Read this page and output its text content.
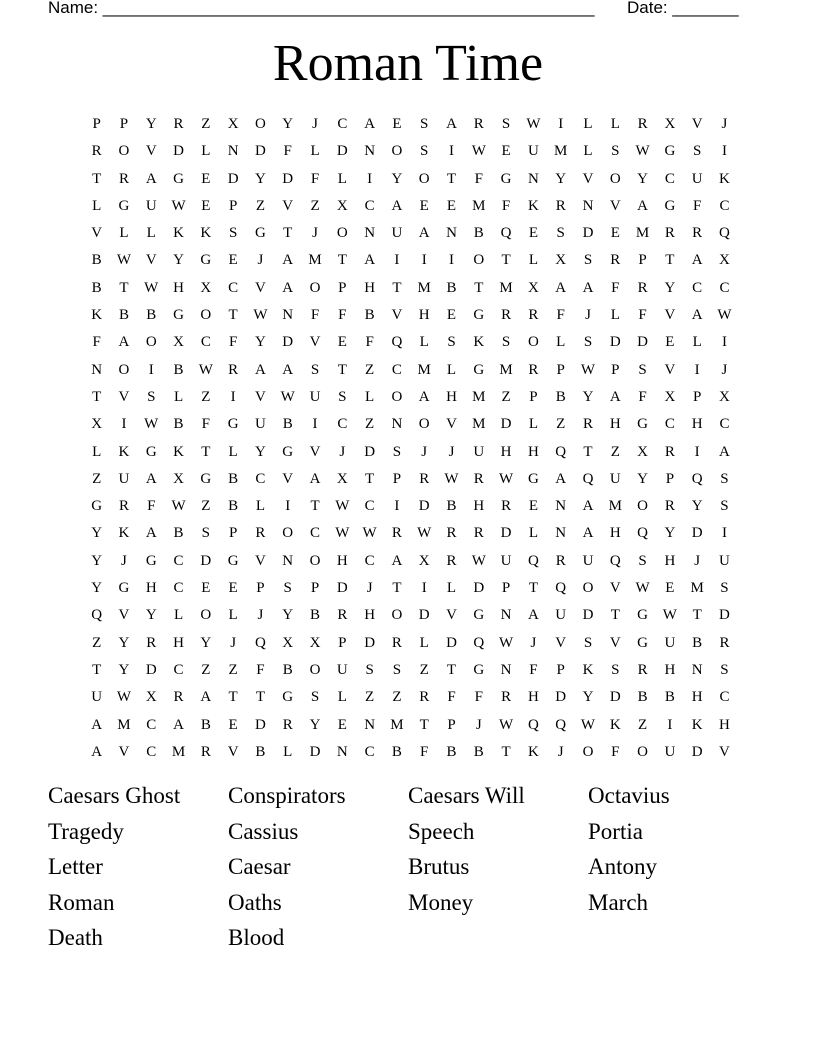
Name: ____________________________________________________ Date: _______
Roman Time
P	P	Y	R	Z	X	O	Y	J	C	A	E	S	A	R	S	W	I	L	L	R	X	V	J
R	O	V	D	L	N	D	F	L	D	N	O	S	I	W	E	U	M	L	S	W	G	S	I
T	R	A	G	E	D	Y	D	F	L	I	Y	O	T	F	G	N	Y	V	O	Y	C	U	K
L	G	U	W	E	P	Z	V	Z	X	C	A	E	E	M	F	K	R	N	V	A	G	F	C
V	L	L	K	K	S	G	T	J	O	N	U	A	N	B	Q	E	S	D	E	M	R	R	Q
B	W	V	Y	G	E	J	A	M	T	A	I	I	I	O	T	L	X	S	R	P	T	A	X
B	T	W	H	X	C	V	A	O	P	H	T	M	B	T	M	X	A	A	F	R	Y	C	C
K	B	B	G	O	T	W	N	F	F	B	V	H	E	G	R	R	F	J	L	F	V	A	W
F	A	O	X	C	F	Y	D	V	E	F	Q	L	S	K	S	O	L	S	D	D	E	L	I
N	O	I	B	W	R	A	A	S	T	Z	C	M	L	G	M	R	P	W	P	S	V	I	J
T	V	S	L	Z	I	V	W	U	S	L	O	A	H	M	Z	P	B	Y	A	F	X	P	X
X	I	W	B	F	G	U	B	I	C	Z	N	O	V	M	D	L	Z	R	H	G	C	H	C
L	K	G	K	T	L	Y	G	V	J	D	S	J	J	U	H	H	Q	T	Z	X	R	I	A
Z	U	A	X	G	B	C	V	A	X	T	P	R	W	R	W	G	A	Q	U	Y	P	Q	S
G	R	F	W	Z	B	L	I	T	W	C	I	D	B	H	R	E	N	A	M	O	R	Y	S
Y	K	A	B	S	P	R	O	C	W	W	R	W	R	R	D	L	N	A	H	Q	Y	D	I
Y	J	G	C	D	G	V	N	O	H	C	A	X	R	W	U	Q	R	U	Q	S	H	J	U
Y	G	H	C	E	E	P	S	P	D	J	T	I	L	D	P	T	Q	O	V	W	E	M	S
Q	V	Y	L	O	L	J	Y	B	R	H	O	D	V	G	N	A	U	D	T	G	W	T	D
Z	Y	R	H	Y	J	Q	X	X	P	D	R	L	D	Q	W	J	V	S	V	G	U	B	R
T	Y	D	C	Z	Z	F	B	O	U	S	S	Z	T	G	N	F	P	K	S	R	H	N	S
U	W	X	R	A	T	T	G	S	L	Z	Z	R	F	F	R	H	D	Y	D	B	B	H	C
A	M	C	A	B	E	D	R	Y	E	N	M	T	P	J	W	Q	Q	W	K	Z	I	K	H
A	V	C	M	R	V	B	L	D	N	C	B	F	B	B	T	K	J	O	F	O	U	D	V
Caesars Ghost	Conspirators	Caesars Will	Octavius
Tragedy	Cassius	Speech	Portia
Letter	Caesar	Brutus	Antony
Roman	Oaths	Money	March
Death	Blood
